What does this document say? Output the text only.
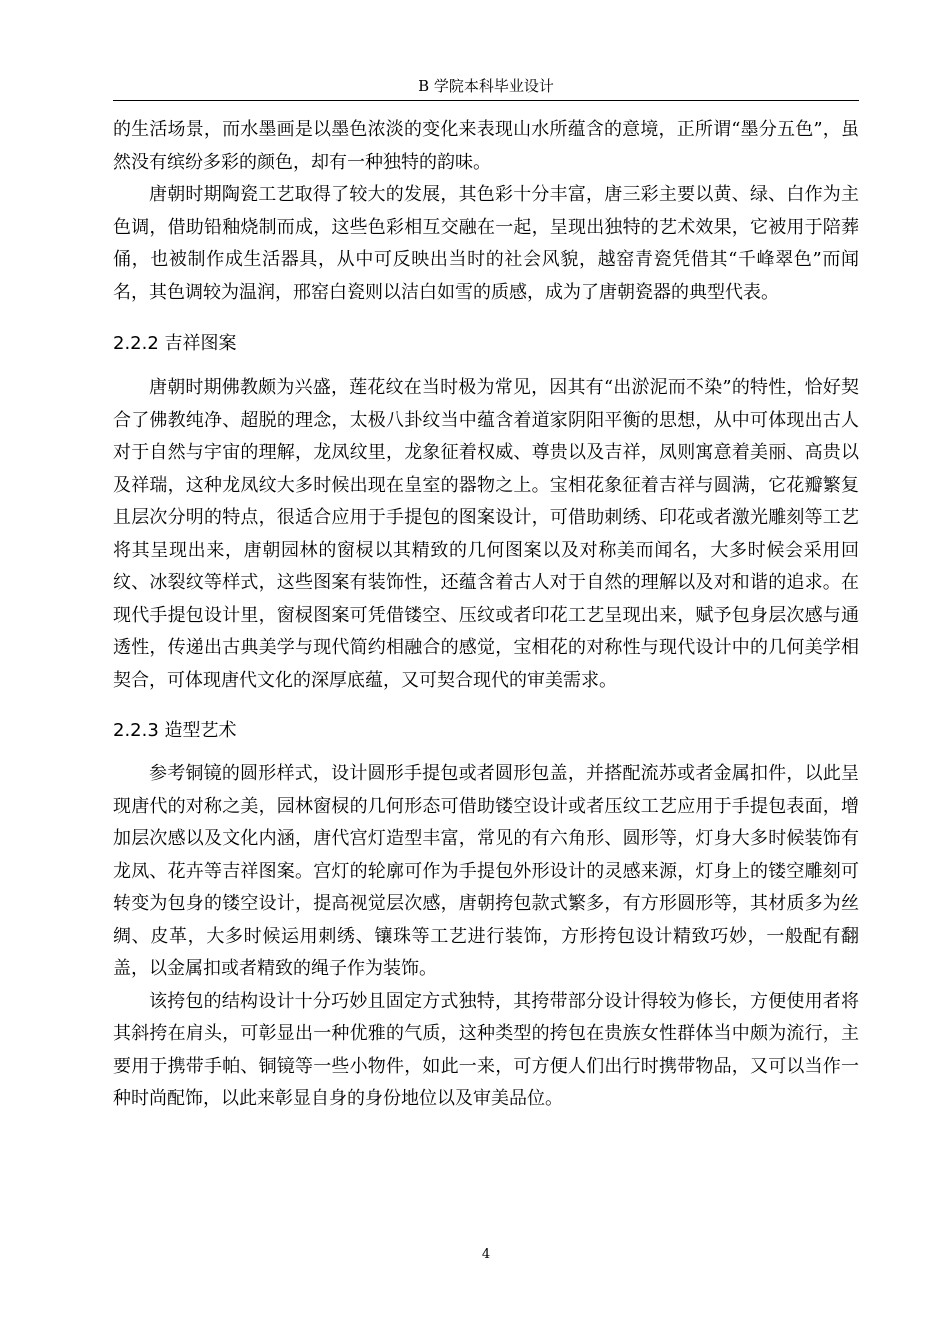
B 学院本科毕业设计

的生活场景，而水墨画是以墨色浓淡的变化来表现山水所蕴含的意境，正所谓“墨分五色”，虽然没有缤纷多彩的颜色，却有一种独特的韵味。

唐朝时期陶瓷工艺取得了较大的发展，其色彩十分丰富，唐三彩主要以黄、绿、白作为主色调，借助铅釉烧制而成，这些色彩相互交融在一起，呈现出独特的艺术效果，它被用于陪葬俑，也被制作成生活器具，从中可反映出当时的社会风貌，越窑青瓷凭借其“千峰翠色”而闻名，其色调较为温润，邢窑白瓷则以洁白如雪的质感，成为了唐朝瓷器的典型代表。

2.2.2 吉祥图案

唐朝时期佛教颇为兴盛，莲花纹在当时极为常见，因其有“出淤泥而不染”的特性，恰好契合了佛教纯净、超脱的理念，太极八卦纹当中蕴含着道家阴阳平衡的思想，从中可体现出古人对于自然与宇宙的理解，龙凤纹里，龙象征着权威、尊贵以及吉祥，凤则寓意着美丽、高贵以及祥瑞，这种龙凤纹大多时候出现在皇室的器物之上。宝相花象征着吉祥与圆满，它花瓣繁复且层次分明的特点，很适合应用于手提包的图案设计，可借助刺绣、印花或者激光雕刻等工艺将其呈现出来，唐朝园林的窗棂以其精致的几何图案以及对称美而闻名，大多时候会采用回纹、冰裂纹等样式，这些图案有装饰性，还蕴含着古人对于自然的理解以及对和谐的追求。在现代手提包设计里，窗棂图案可凭借镂空、压纹或者印花工艺呈现出来，赋予包身层次感与通透性，传递出古典美学与现代简约相融合的感觉，宝相花的对称性与现代设计中的几何美学相契合，可体现唐代文化的深厚底蕴，又可契合现代的审美需求。

2.2.3 造型艺术

参考铜镜的圆形样式，设计圆形手提包或者圆形包盖，并搭配流苏或者金属扣件，以此呈现唐代的对称之美，园林窗棂的几何形态可借助镂空设计或者压纹工艺应用于手提包表面，增加层次感以及文化内涵，唐代宫灯造型丰富，常见的有六角形、圆形等，灯身大多时候装饰有龙凤、花卉等吉祥图案。宫灯的轮廓可作为手提包外形设计的灵感来源，灯身上的镂空雕刻可转变为包身的镂空设计，提高视觉层次感，唐朝挎包款式繁多，有方形圆形等，其材质多为丝绸、皮革，大多时候运用刺绣、镶珠等工艺进行装饰，方形挎包设计精致巧妙，一般配有翻盖，以金属扣或者精致的绳子作为装饰。

该挎包的结构设计十分巧妙且固定方式独特，其挎带部分设计得较为修长，方便使用者将其斜挎在肩头，可彰显出一种优雅的气质，这种类型的挎包在贵族女性群体当中颇为流行，主要用于携带手帕、铜镜等一些小物件，如此一来，可方便人们出行时携带物品，又可以当作一种时尚配饰，以此来彰显自身的身份地位以及审美品位。

4
